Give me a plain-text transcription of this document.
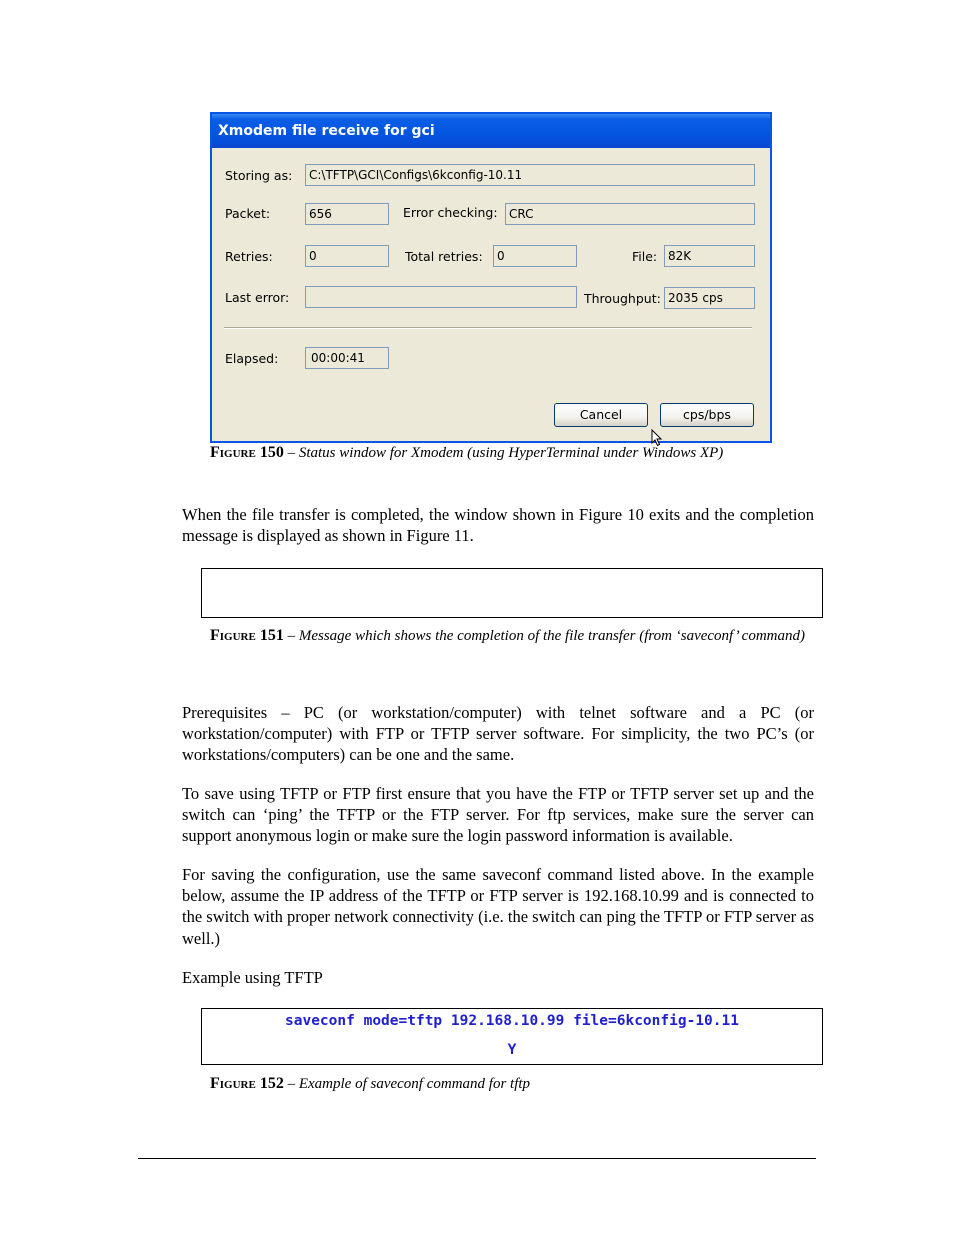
Xmodem file receive for gci
Storing as:	C:\TFTP\GCI\Configs\6kconfig-10.11
Packet:	656	Error checking: CRC
Retries:	0	Total retries:	0	File: 82K
Last error:	Throughput: 2035 cps
Elapsed:	00:00:41
Cancel	cps/bps
Figure 150 – Status window for Xmodem (using HyperTerminal under Windows XP)
When the file transfer is completed, the window shown in Figure 10 exits and the completion message is displayed as shown in Figure 11.
Figure 151 – Message which shows the completion of the file transfer (from ‘saveconf’ command)
Prerequisites – PC (or workstation/computer) with telnet software and a PC (or workstation/computer) with FTP or TFTP server software. For simplicity, the two PC’s (or workstations/computers) can be one and the same.
To save using TFTP or FTP first ensure that you have the FTP or TFTP server set up and the switch can ‘ping’ the TFTP or the FTP server. For ftp services, make sure the server can support anonymous login or make sure the login password information is available.
For saving the configuration, use the same saveconf command listed above. In the example below, assume the IP address of the TFTP or FTP server is 192.168.10.99 and is connected to the switch with proper network connectivity (i.e. the switch can ping the TFTP or FTP server as well.)
Example using TFTP
saveconf mode=tftp 192.168.10.99 file=6kconfig-10.11
Y
Figure 152 – Example of saveconf command for tftp
